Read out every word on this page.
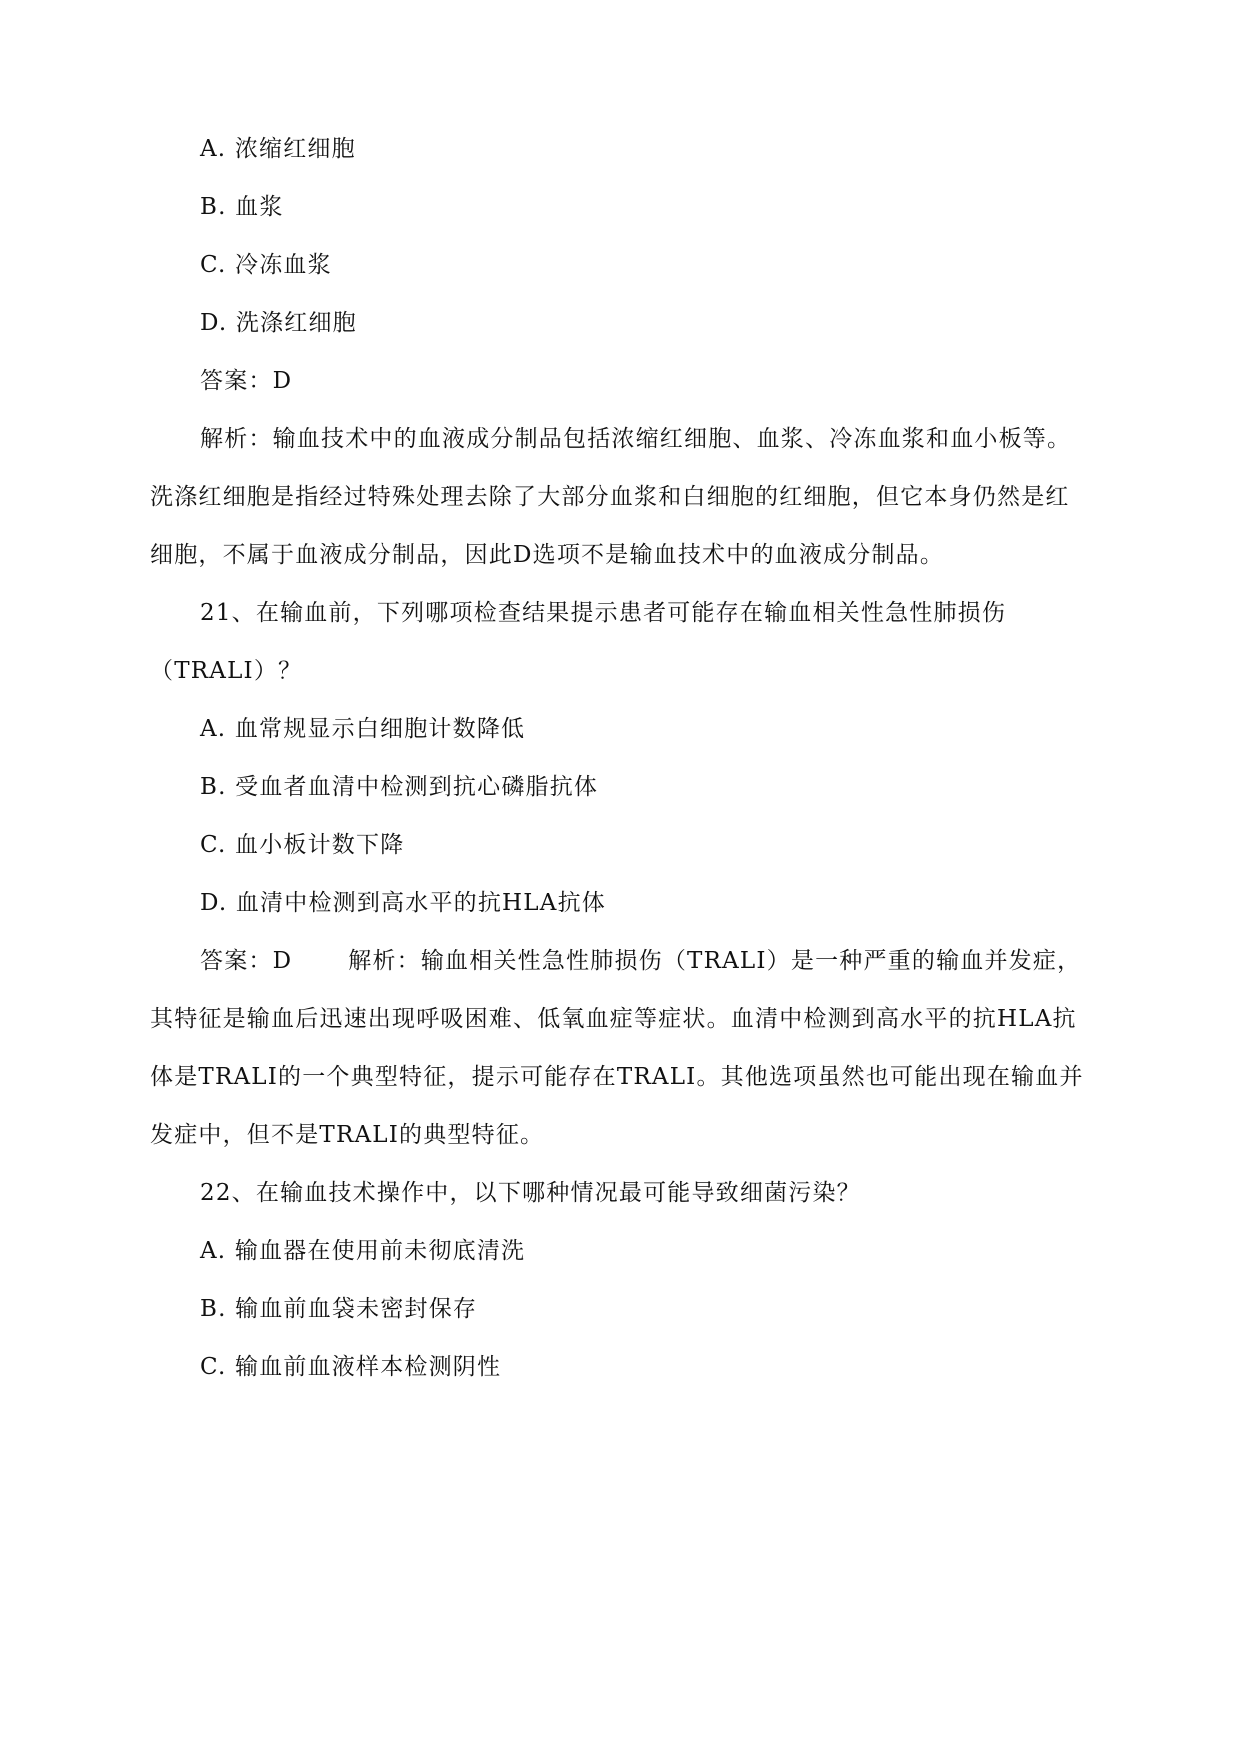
A. 浓缩红细胞
B. 血浆
C. 冷冻血浆
D. 洗涤红细胞
答案：D
解析：输血技术中的血液成分制品包括浓缩红细胞、血浆、冷冻血浆和血小板等。
洗涤红细胞是指经过特殊处理去除了大部分血浆和白细胞的红细胞，但它本身仍然是红
细胞，不属于血液成分制品，因此D选项不是输血技术中的血液成分制品。
21、在输血前，下列哪项检查结果提示患者可能存在输血相关性急性肺损伤
（TRALI）？
A. 血常规显示白细胞计数降低
B. 受血者血清中检测到抗心磷脂抗体
C. 血小板计数下降
D. 血清中检测到高水平的抗HLA抗体
答案：D 解析：输血相关性急性肺损伤（TRALI）是一种严重的输血并发症，
其特征是输血后迅速出现呼吸困难、低氧血症等症状。血清中检测到高水平的抗HLA抗
体是TRALI的一个典型特征，提示可能存在TRALI。其他选项虽然也可能出现在输血并
发症中，但不是TRALI的典型特征。
22、在输血技术操作中，以下哪种情况最可能导致细菌污染？
A. 输血器在使用前未彻底清洗
B. 输血前血袋未密封保存
C. 输血前血液样本检测阴性
